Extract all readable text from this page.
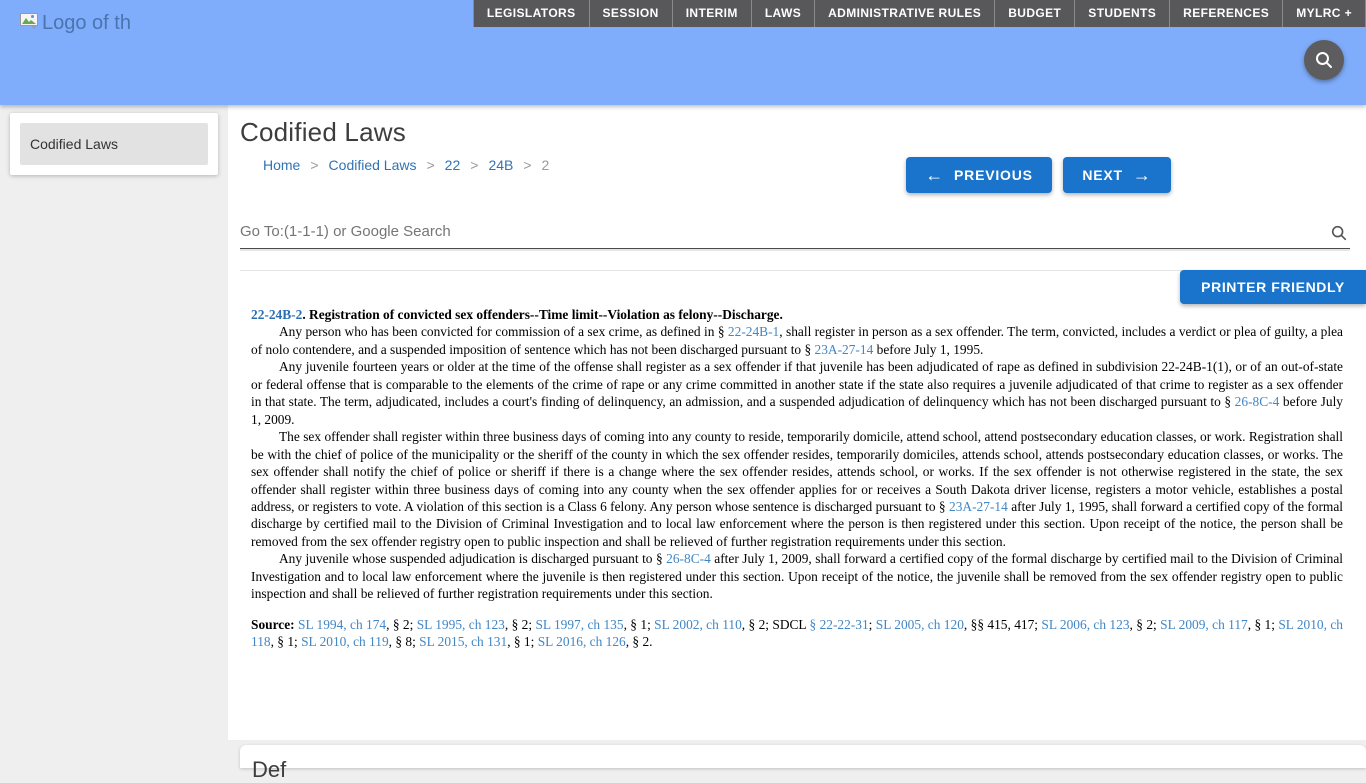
Logo of th	LEGISLATORS	SESSION	INTERIM	LAWS	ADMINISTRATIVE RULES	BUDGET	STUDENTS	REFERENCES	MYLRC +
Codified Laws	Codified Laws
Home > Codified Laws > 22 > 24B > 2	← PREVIOUS	NEXT →
Go To:(1-1-1) or Google Search
PRINTER FRIENDLY

22-24B-2. Registration of convicted sex offenders--Time limit--Violation as felony--Discharge.

Any person who has been convicted for commission of a sex crime, as defined in § 22-24B-1, shall register in person as a sex offender. The term, convicted, includes a verdict or plea of guilty, a plea of nolo contendere, and a suspended imposition of sentence which has not been discharged pursuant to § 23A-27-14 before July 1, 1995.

Any juvenile fourteen years or older at the time of the offense shall register as a sex offender if that juvenile has been adjudicated of rape as defined in subdivision 22-24B-1(1), or of an out-of-state or federal offense that is comparable to the elements of the crime of rape or any crime committed in another state if the state also requires a juvenile adjudicated of that crime to register as a sex offender in that state. The term, adjudicated, includes a court's finding of delinquency, an admission, and a suspended adjudication of delinquency which has not been discharged pursuant to § 26-8C-4 before July 1, 2009.

The sex offender shall register within three business days of coming into any county to reside, temporarily domicile, attend school, attend postsecondary education classes, or work. Registration shall be with the chief of police of the municipality or the sheriff of the county in which the sex offender resides, temporarily domiciles, attends school, attends postsecondary education classes, or works. The sex offender shall notify the chief of police or sheriff if there is a change where the sex offender resides, attends school, or works. If the sex offender is not otherwise registered in the state, the sex offender shall register within three business days of coming into any county when the sex offender applies for or receives a South Dakota driver license, registers a motor vehicle, establishes a postal address, or registers to vote. A violation of this section is a Class 6 felony. Any person whose sentence is discharged pursuant to § 23A-27-14 after July 1, 1995, shall forward a certified copy of the formal discharge by certified mail to the Division of Criminal Investigation and to local law enforcement where the person is then registered under this section. Upon receipt of the notice, the person shall be removed from the sex offender registry open to public inspection and shall be relieved of further registration requirements under this section.

Any juvenile whose suspended adjudication is discharged pursuant to § 26-8C-4 after July 1, 2009, shall forward a certified copy of the formal discharge by certified mail to the Division of Criminal Investigation and to local law enforcement where the juvenile is then registered under this section. Upon receipt of the notice, the juvenile shall be removed from the sex offender registry open to public inspection and shall be relieved of further registration requirements under this section.

Source: SL 1994, ch 174, § 2; SL 1995, ch 123, § 2; SL 1997, ch 135, § 1; SL 2002, ch 110, § 2; SDCL § 22-22-31; SL 2005, ch 120, §§ 415, 417; SL 2006, ch 123, § 2; SL 2009, ch 117, § 1; SL 2010, ch 118, § 1; SL 2010, ch 119, § 8; SL 2015, ch 131, § 1; SL 2016, ch 126, § 2.

Def
